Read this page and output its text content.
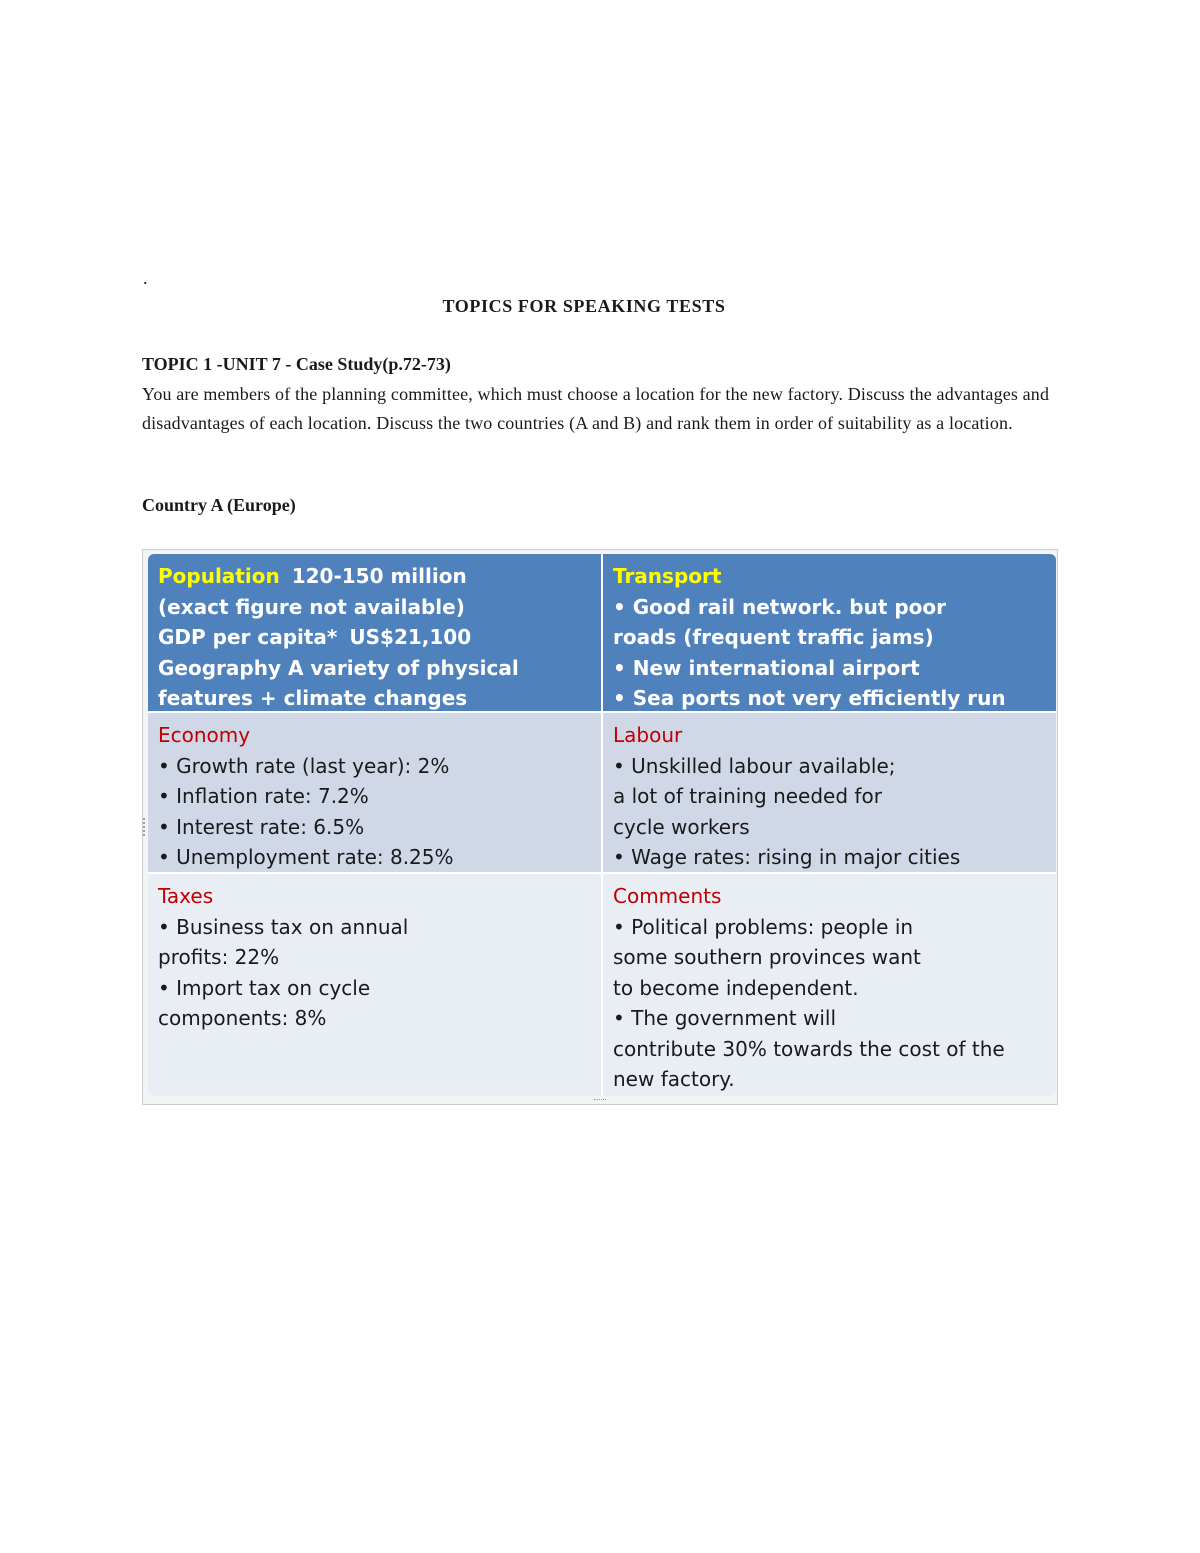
.
TOPICS FOR SPEAKING TESTS
TOPIC 1 -UNIT 7 - Case Study(p.72-73)
You are members of the planning committee, which must choose a location for the new factory. Discuss the advantages and disadvantages of each location. Discuss the two countries (A and B) and rank them in order of suitability as a location.
Country A (Europe)
Population 120-150 million
(exact figure not available)
GDP per capita* US$21,100
Geography A variety of physical
features + climate changes
Transport
• Good rail network. but poor
roads (frequent traffic jams)
• New international airport
• Sea ports not very efficiently run
Economy
• Growth rate (last year): 2%
• Inflation rate: 7.2%
• Interest rate: 6.5%
• Unemployment rate: 8.25%
Labour
• Unskilled labour available;
a lot of training needed for
cycle workers
• Wage rates: rising in major cities
Taxes
• Business tax on annual
profits: 22%
• Import tax on cycle
components: 8%
Comments
• Political problems: people in
some southern provinces want
to become independent.
• The government will
contribute 30% towards the cost of the
new factory.
